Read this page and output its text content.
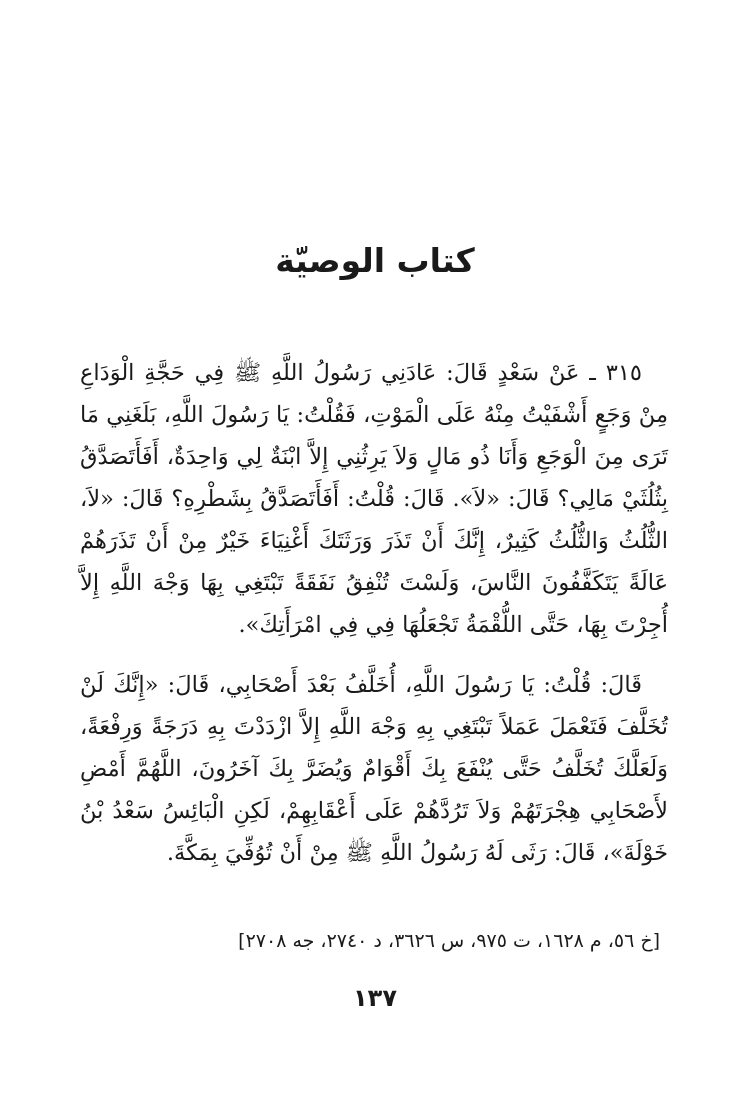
كتاب الوصيّة

٣١٥ ـ عَنْ سَعْدٍ قَالَ: عَادَنِي رَسُولُ اللَّهِ ﷺ فِي حَجَّةِ الْوَدَاعِ مِنْ وَجَعٍ أَشْفَيْتُ مِنْهُ عَلَى الْمَوْتِ، فَقُلْتُ: يَا رَسُولَ اللَّهِ، بَلَغَنِي مَا تَرَى مِنَ الْوَجَعِ وَأَنَا ذُو مَالٍ وَلاَ يَرِثُنِي إِلاَّ ابْنَةٌ لِي وَاحِدَةٌ، أَفَأَتَصَدَّقُ بِثُلُثَيْ مَالِي؟ قَالَ: «لاَ». قَالَ: قُلْتُ: أَفَأَتَصَدَّقُ بِشَطْرِهِ؟ قَالَ: «لاَ، الثُّلُثُ وَالثُّلُثُ كَثِيرٌ، إِنَّكَ أَنْ تَذَرَ وَرَثَتَكَ أَغْنِيَاءَ خَيْرٌ مِنْ أَنْ تَذَرَهُمْ عَالَةً يَتَكَفَّفُونَ النَّاسَ، وَلَسْتَ تُنْفِقُ نَفَقَةً تَبْتَغِي بِهَا وَجْهَ اللَّهِ إِلاَّ أُجِرْتَ بِهَا، حَتَّى اللُّقْمَةُ تَجْعَلُهَا فِي فِي امْرَأَتِكَ».

قَالَ: قُلْتُ: يَا رَسُولَ اللَّهِ، أُخَلَّفُ بَعْدَ أَصْحَابِي، قَالَ: «إِنَّكَ لَنْ تُخَلَّفَ فَتَعْمَلَ عَمَلاً تَبْتَغِي بِهِ وَجْهَ اللَّهِ إِلاَّ ازْدَدْتَ بِهِ دَرَجَةً وَرِفْعَةً، وَلَعَلَّكَ تُخَلَّفُ حَتَّى يُنْفَعَ بِكَ أَقْوَامٌ وَيُضَرَّ بِكَ آخَرُونَ، اللَّهُمَّ أَمْضِ لأَصْحَابِي هِجْرَتَهُمْ وَلاَ تَرُدَّهُمْ عَلَى أَعْقَابِهِمْ، لَكِنِ الْبَائِسُ سَعْدُ بْنُ خَوْلَةَ»، قَالَ: رَثَى لَهُ رَسُولُ اللَّهِ ﷺ مِنْ أَنْ تُوُفِّيَ بِمَكَّةَ.

[خ ٥٦، م ١٦٢٨، ت ٩٧٥، س ٣٦٢٦، د ٢٧٤٠، جه ٢٧٠٨]

١٣٧
